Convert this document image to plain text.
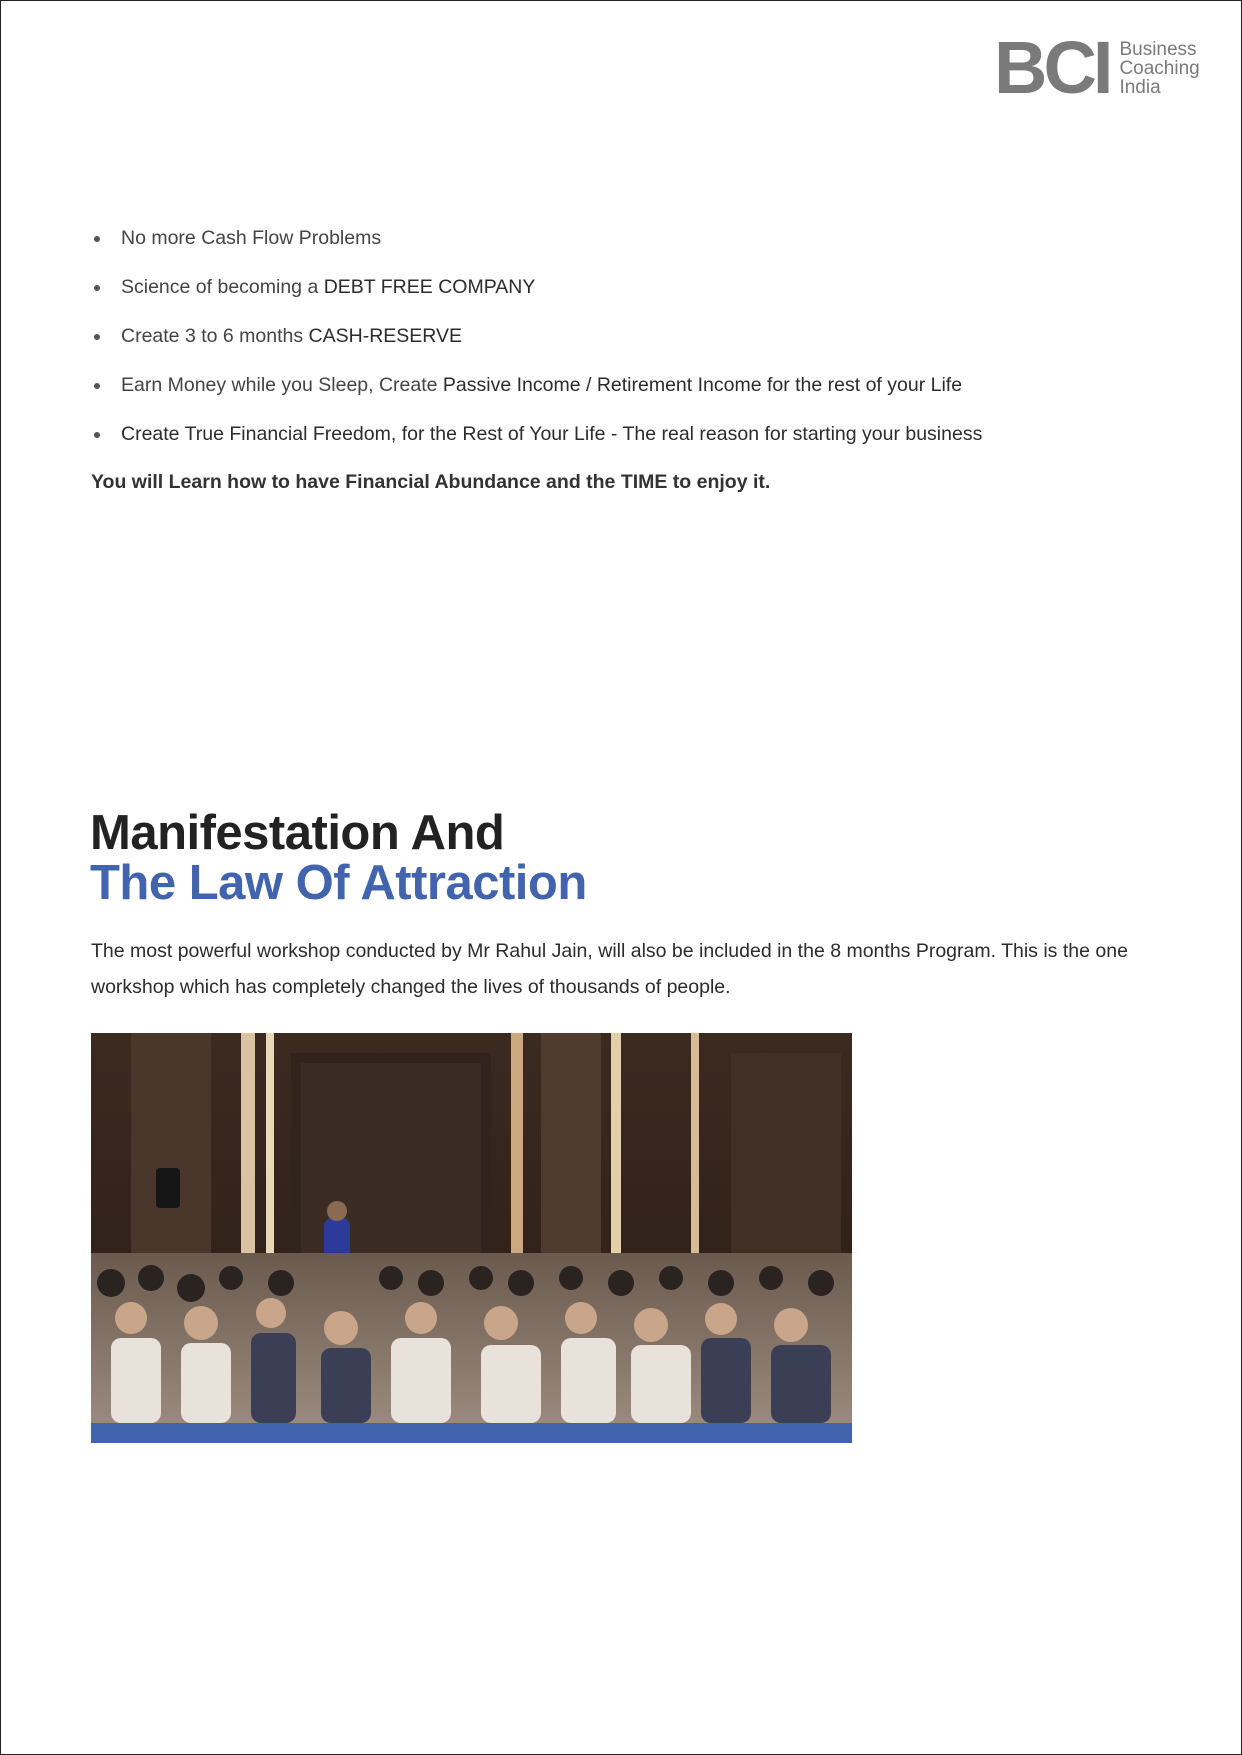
BCI Business
Coaching
India
No more Cash Flow Problems
Science of becoming a DEBT FREE COMPANY
Create 3 to 6 months CASH-RESERVE
Earn Money while you Sleep, Create Passive Income / Retirement Income for the rest of your Life
Create True Financial Freedom, for the Rest of Your Life - The real reason for starting your business
You will Learn how to have Financial Abundance and the TIME to enjoy it.
Manifestation And
The Law Of Attraction

The most powerful workshop conducted by Mr Rahul Jain, will also be included in the 8 months Program. This is the one workshop which has completely changed the lives of thousands of people.
